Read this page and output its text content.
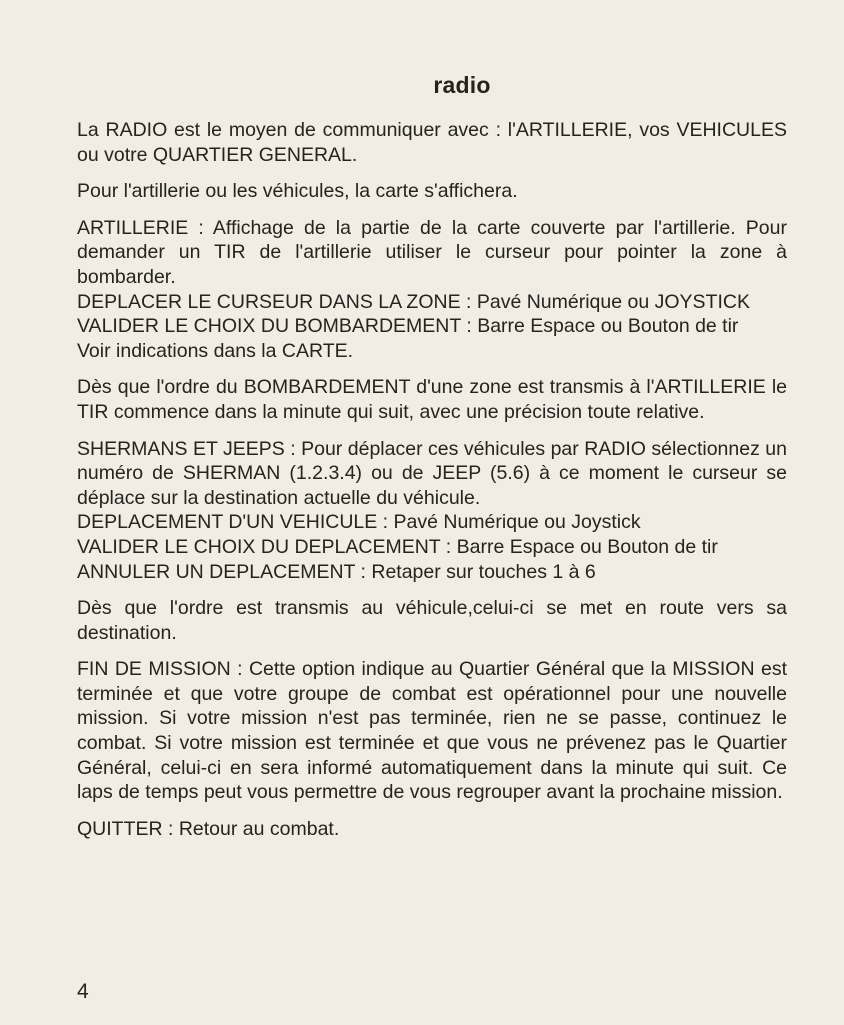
radio

La RADIO est le moyen de communiquer avec : l'ARTILLERIE, vos VEHICULES ou votre QUARTIER GENERAL.

Pour l'artillerie ou les véhicules, la carte s'affichera.

ARTILLERIE : Affichage de la partie de la carte couverte par l'artillerie. Pour demander un TIR de l'artillerie utiliser le curseur pour pointer la zone à bombarder.
DEPLACER LE CURSEUR DANS LA ZONE : Pavé Numérique ou JOYSTICK
VALIDER LE CHOIX DU BOMBARDEMENT : Barre Espace ou Bouton de tir
Voir indications dans la CARTE.

Dès que l'ordre du BOMBARDEMENT d'une zone est transmis à l'ARTILLERIE le TIR commence dans la minute qui suit, avec une précision toute relative.

SHERMANS ET JEEPS : Pour déplacer ces véhicules par RADIO sélectionnez un numéro de SHERMAN (1.2.3.4) ou de JEEP (5.6) à ce moment le curseur se déplace sur la destination actuelle du véhicule.
DEPLACEMENT D'UN VEHICULE : Pavé Numérique ou Joystick
VALIDER LE CHOIX DU DEPLACEMENT : Barre Espace ou Bouton de tir
ANNULER UN DEPLACEMENT : Retaper sur touches 1 à 6

Dès que l'ordre est transmis au véhicule,celui-ci se met en route vers sa destination.

FIN DE MISSION : Cette option indique au Quartier Général que la MISSION est terminée et que votre groupe de combat est opérationnel pour une nouvelle mission. Si votre mission n'est pas terminée, rien ne se passe, continuez le combat. Si votre mission est terminée et que vous ne prévenez pas le Quartier Général, celui-ci en sera informé automatiquement dans la minute qui suit. Ce laps de temps peut vous permettre de vous regrouper avant la prochaine mission.

QUITTER : Retour au combat.

4
